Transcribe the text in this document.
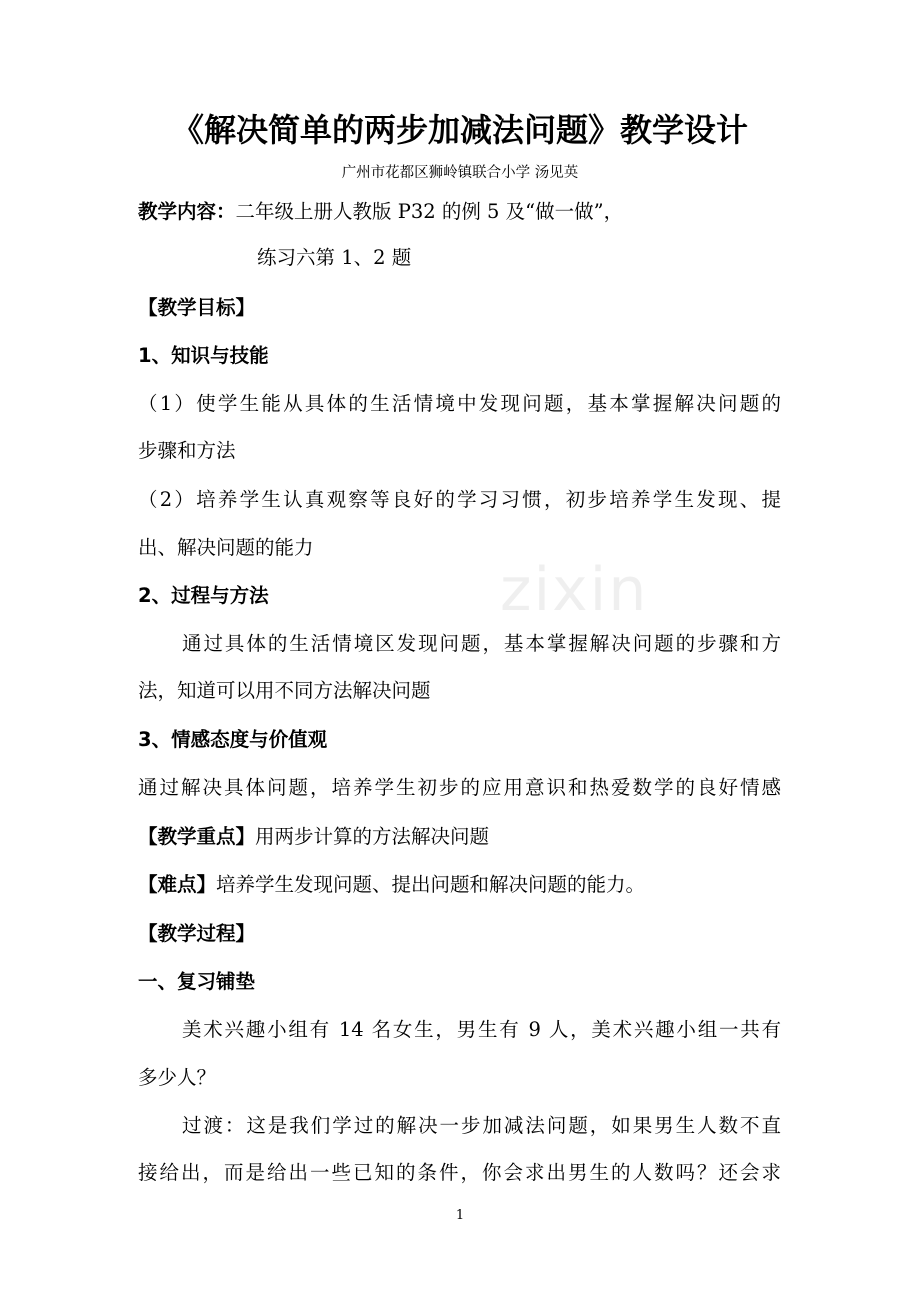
zixin
《解决简单的两步加减法问题》教学设计
广州市花都区狮岭镇联合小学 汤见英
教学内容：二年级上册人教版 P32 的例 5 及“做一做”，
练习六第 1、2 题
【教学目标】
1、知识与技能
（1）使学生能从具体的生活情境中发现问题，基本掌握解决问题的
步骤和方法
（2）培养学生认真观察等良好的学习习惯，初步培养学生发现、提
出、解决问题的能力
2、过程与方法
通过具体的生活情境区发现问题，基本掌握解决问题的步骤和方
法，知道可以用不同方法解决问题
3、情感态度与价值观
通过解决具体问题，培养学生初步的应用意识和热爱数学的良好情感
【教学重点】用两步计算的方法解决问题
【难点】培养学生发现问题、提出问题和解决问题的能力。
【教学过程】
一、复习铺垫
美术兴趣小组有 14 名女生，男生有 9 人，美术兴趣小组一共有
多少人？
过渡：这是我们学过的解决一步加减法问题，如果男生人数不直
接给出，而是给出一些已知的条件，你会求出男生的人数吗？还会求
1
